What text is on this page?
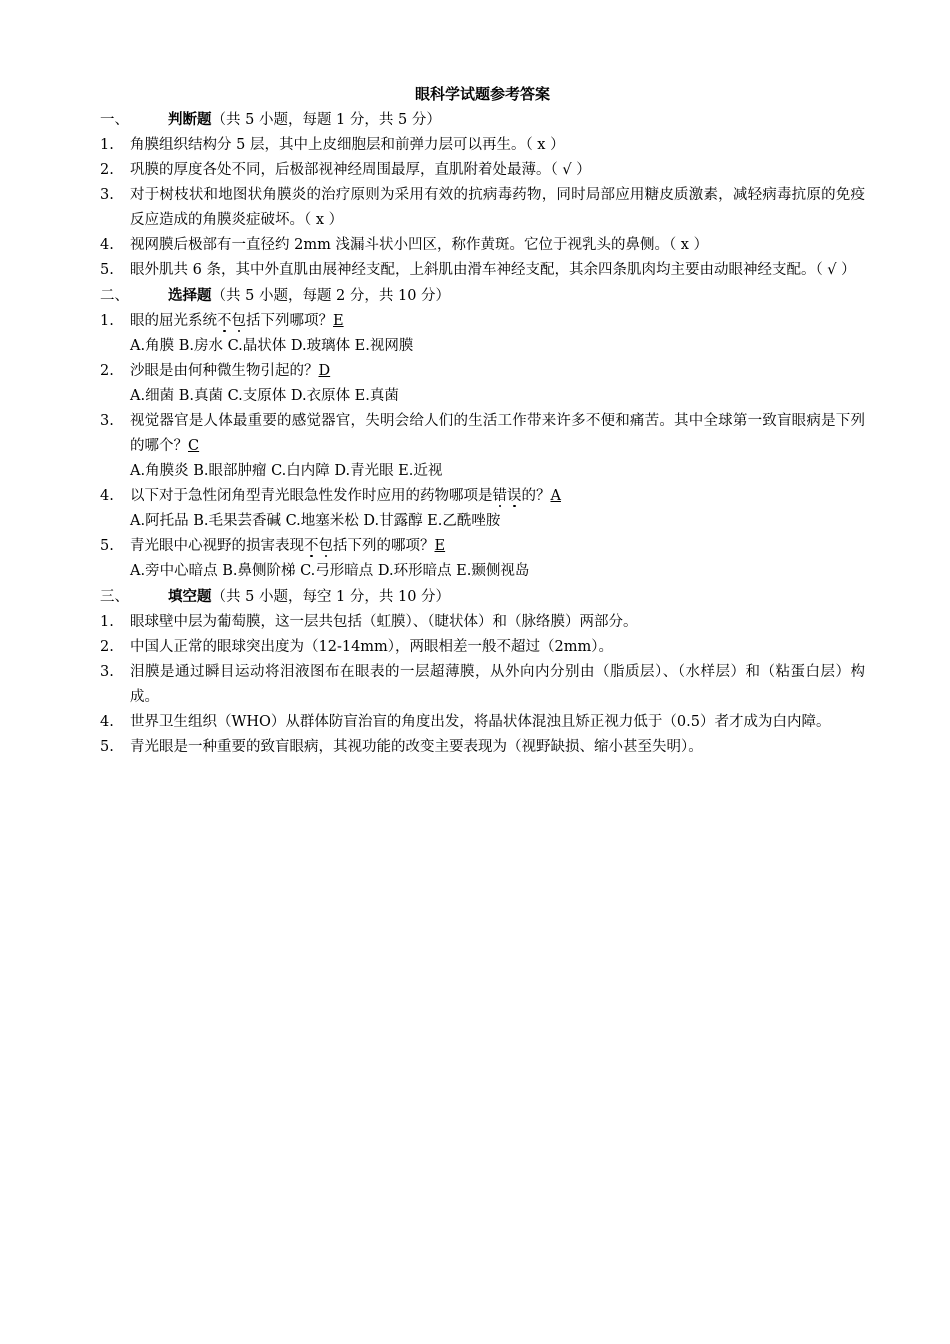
眼科学试题参考答案
一、	判断题（共 5 小题，每题 1 分，共 5 分）
1.	角膜组织结构分 5 层，其中上皮细胞层和前弹力层可以再生。（ x ）
2.	巩膜的厚度各处不同，后极部视神经周围最厚，直肌附着处最薄。（ √ ）
3.	对于树枝状和地图状角膜炎的治疗原则为采用有效的抗病毒药物，同时局部应用糖皮质激素，减轻病毒抗原的免疫反应造成的角膜炎症破坏。（ x ）
4.	视网膜后极部有一直径约 2mm 浅漏斗状小凹区，称作黄斑。它位于视乳头的鼻侧。（ x ）
5.	眼外肌共 6 条，其中外直肌由展神经支配，上斜肌由滑车神经支配，其余四条肌肉均主要由动眼神经支配。（ √ ）
二、	选择题（共 5 小题，每题 2 分，共 10 分）
1.	眼的屈光系统不包括下列哪项？E
A.角膜 B.房水 C.晶状体 D.玻璃体 E.视网膜
2.	沙眼是由何种微生物引起的？D
A.细菌 B.真菌 C.支原体 D.衣原体 E.真菌
3.	视觉器官是人体最重要的感觉器官，失明会给人们的生活工作带来许多不便和痛苦。其中全球第一致盲眼病是下列的哪个？C
A.角膜炎 B.眼部肿瘤 C.白内障 D.青光眼 E.近视
4.	以下对于急性闭角型青光眼急性发作时应用的药物哪项是错误的？A
A.阿托品 B.毛果芸香碱 C.地塞米松 D.甘露醇 E.乙酰唑胺
5.	青光眼中心视野的损害表现不包括下列的哪项？E
A.旁中心暗点 B.鼻侧阶梯 C.弓形暗点 D.环形暗点 E.颞侧视岛
三、	填空题（共 5 小题，每空 1 分，共 10 分）
1.	眼球壁中层为葡萄膜，这一层共包括（虹膜）、（睫状体）和（脉络膜）两部分。
2.	中国人正常的眼球突出度为（12-14mm），两眼相差一般不超过（2mm）。
3.	泪膜是通过瞬目运动将泪液图布在眼表的一层超薄膜，从外向内分别由（脂质层）、（水样层）和（粘蛋白层）构成。
4.	世界卫生组织（WHO）从群体防盲治盲的角度出发，将晶状体混浊且矫正视力低于（0.5）者才成为白内障。
5.	青光眼是一种重要的致盲眼病，其视功能的改变主要表现为（视野缺损、缩小甚至失明）。
